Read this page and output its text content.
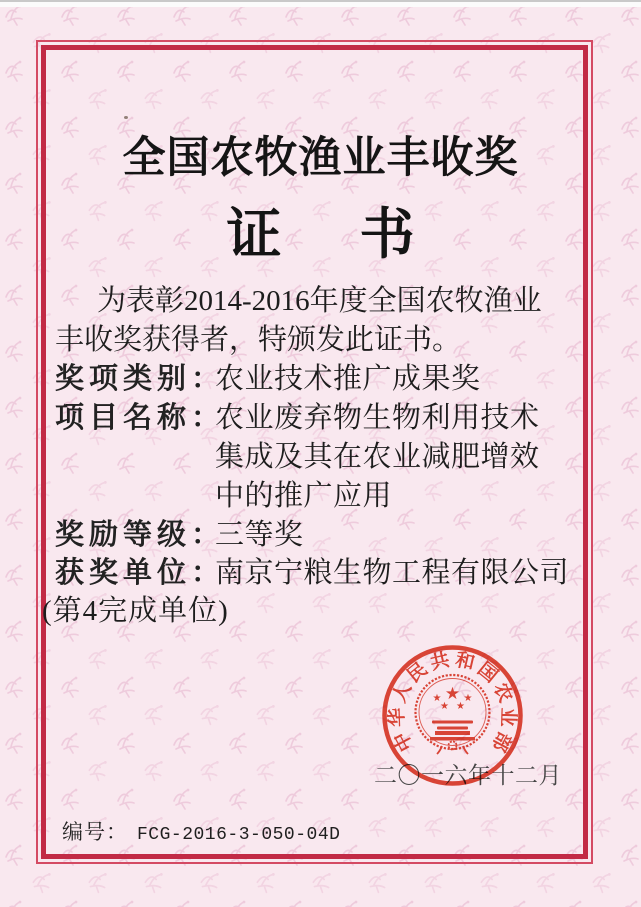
全国农牧渔业丰收奖
证 书
为表彰2014-2016年度全国农牧渔业
丰收奖获得者，特颁发此证书。
奖项类别：农业技术推广成果奖
项目名称：农业废弃物生物利用技术
集成及其在农业减肥增效
中的推广应用
奖励等级：三等奖
获奖单位：南京宁粮生物工程有限公司
(第4完成单位)
二〇一六年十二月
中
华
人
民
共 和
国
农
业
部
★
★ ★
★ ★
编号： FCG-2016-3-050-04D
